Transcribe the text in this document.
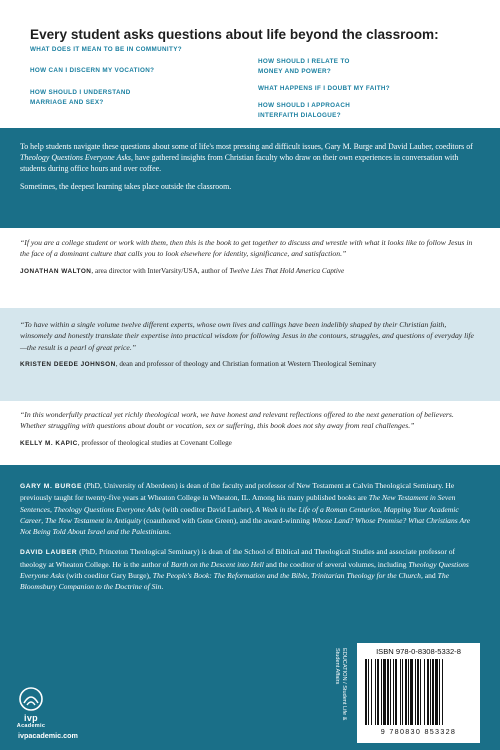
Every student asks questions about life beyond the classroom:
WHAT DOES IT MEAN TO BE IN COMMUNITY?
HOW CAN I DISCERN MY VOCATION?
HOW SHOULD I UNDERSTAND
MARRIAGE AND SEX?
HOW SHOULD I RELATE TO
MONEY AND POWER?
WHAT HAPPENS IF I DOUBT MY FAITH?
HOW SHOULD I APPROACH
INTERFAITH DIALOGUE?

To help students navigate these questions about some of life's most pressing and difficult issues, Gary M. Burge and David Lauber, coeditors of Theology Questions Everyone Asks, have gathered insights from Christian faculty who draw on their own experiences in conversation with students during office hours and over coffee.

Sometimes, the deepest learning takes place outside the classroom.

“If you are a college student or work with them, then this is the book to get together to discuss and wrestle with what it looks like to follow Jesus in the face of a dominant culture that calls you to look elsewhere for identity, significance, and satisfaction.”
JONATHAN WALTON, area director with InterVarsity/USA, author of Twelve Lies That Hold America Captive
“To have within a single volume twelve different experts, whose own lives and callings have been indelibly shaped by their Christian faith, winsomely and honestly translate their expertise into practical wisdom for following Jesus in the contours, struggles, and questions of everyday life—the result is a pearl of great price.”
KRISTEN DEEDE JOHNSON, dean and professor of theology and Christian formation at Western Theological Seminary
“In this wonderfully practical yet richly theological work, we have honest and relevant reflections offered to the next generation of believers. Whether struggling with questions about doubt or vocation, sex or suffering, this book does not shy away from real challenges.”
KELLY M. KAPIC, professor of theological studies at Covenant College

GARY M. BURGE (PhD, University of Aberdeen) is dean of the faculty and professor of New Testament at Calvin Theological Seminary. He previously taught for twenty-five years at Wheaton College in Wheaton, IL. Among his many published books are The New Testament in Seven Sentences, Theology Questions Everyone Asks (with coeditor David Lauber), A Week in the Life of a Roman Centurion, Mapping Your Academic Career, The New Testament in Antiquity (coauthored with Gene Green), and the award-winning Whose Land? Whose Promise? What Christians Are Not Being Told About Israel and the Palestinians.

DAVID LAUBER (PhD, Princeton Theological Seminary) is dean of the School of Biblical and Theological Studies and associate professor of theology at Wheaton College. He is the author of Barth on the Descent into Hell and the coeditor of several volumes, including Theology Questions Everyone Asks (with coeditor Gary Burge), The People's Book: The Reformation and the Bible, Trinitarian Theology for the Church, and The Bloomsbury Companion to the Doctrine of Sin.

ivp
Academic
ivpacademic.com
EDUCATION / Student Life &
Student Affairs	ISBN 978-0-8308-5332-8
9 780830 853328
